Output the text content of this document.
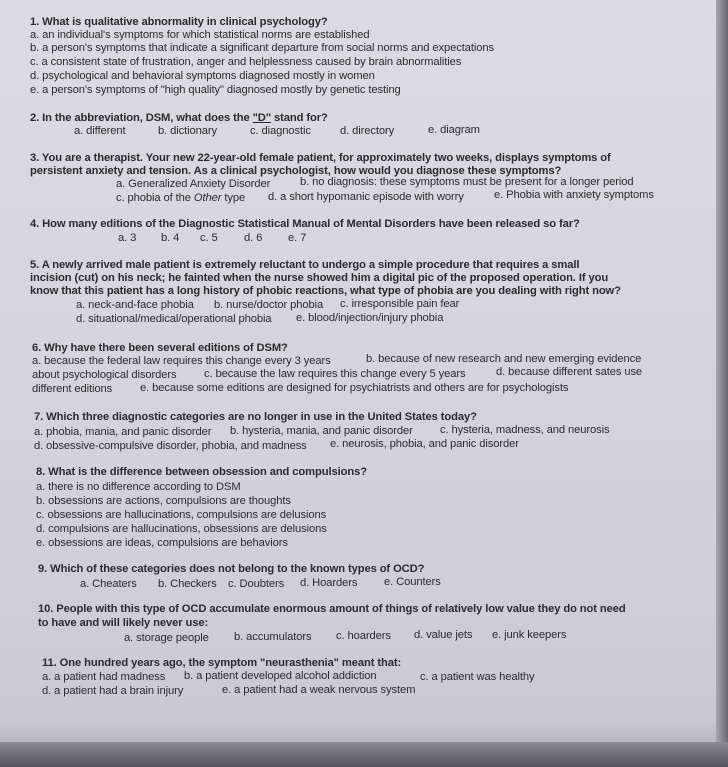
1. What is qualitative abnormality in clinical psychology?
a. an individual's symptoms for which statistical norms are established
b. a person's symptoms that indicate a significant departure from social norms and expectations
c. a consistent state of frustration, anger and helplessness caused by brain abnormalities
d. psychological and behavioral symptoms diagnosed mostly in women
e. a person's symptoms of "high quality" diagnosed mostly by genetic testing
2. In the abbreviation, DSM, what does the "D" stand for?
a. different	b. dictionary	c. diagnostic	d. directory	e. diagram
3. You are a therapist. Your new 22-year-old female patient, for approximately two weeks, displays symptoms of
persistent anxiety and tension. As a clinical psychologist, how would you diagnose these symptoms?
a. Generalized Anxiety Disorder	b. no diagnosis: these symptoms must be present for a longer period
c. phobia of the Other type d. a short hypomanic episode with worry	e. Phobia with anxiety symptoms
4. How many editions of the Diagnostic Statistical Manual of Mental Disorders have been released so far?
a. 3 b. 4 c. 5 d. 6 e. 7
5. A newly arrived male patient is extremely reluctant to undergo a simple procedure that requires a small
incision (cut) on his neck; he fainted when the nurse showed him a digital pic of the proposed operation. If you
know that this patient has a long history of phobic reactions, what type of phobia are you dealing with right now?
a. neck-and-face phobia b. nurse/doctor phobia c. irresponsible pain fear
d. situational/medical/operational phobia e. blood/injection/injury phobia
6. Why have there been several editions of DSM?
a. because the federal law requires this change every 3 years	b. because of new research and new emerging evidence
about psychological disorders c. because the law requires this change every 5 years	d. because different sates use
different editions e. because some editions are designed for psychiatrists and others are for psychologists
7. Which three diagnostic categories are no longer in use in the United States today?
a. phobia, mania, and panic disorder b. hysteria, mania, and panic disorder c. hysteria, madness, and neurosis
d. obsessive-compulsive disorder, phobia, and madness e. neurosis, phobia, and panic disorder
8. What is the difference between obsession and compulsions?
a. there is no difference according to DSM
b. obsessions are actions, compulsions are thoughts
c. obsessions are hallucinations, compulsions are delusions
d. compulsions are hallucinations, obsessions are delusions
e. obsessions are ideas, compulsions are behaviors
9. Which of these categories does not belong to the known types of OCD?
a. Cheaters b. Checkers c. Doubters d. Hoarders e. Counters
10. People with this type of OCD accumulate enormous amount of things of relatively low value they do not need
to have and will likely never use:
a. storage people b. accumulators c. hoarders d. value jets e. junk keepers
11. One hundred years ago, the symptom "neurasthenia" meant that:
a. a patient had madness b. a patient developed alcohol addiction	c. a patient was healthy
d. a patient had a brain injury	e. a patient had a weak nervous system
